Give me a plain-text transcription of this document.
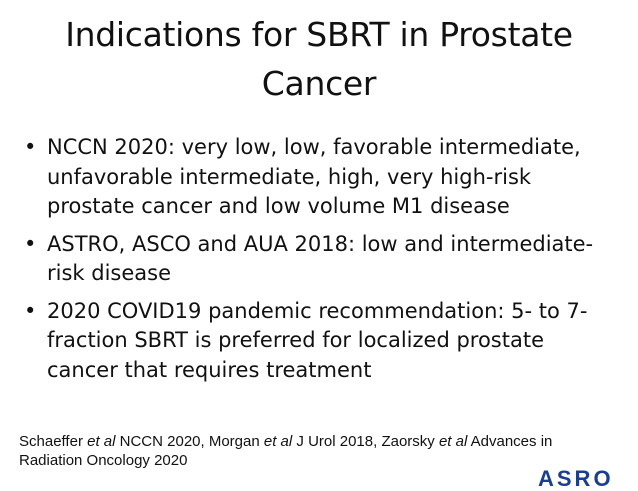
Indications for SBRT in Prostate
Cancer
• NCCN 2020: very low, low, favorable intermediate,
unfavorable intermediate, high, very high-risk
prostate cancer and low volume M1 disease
• ASTRO, ASCO and AUA 2018: low and intermediate-
risk disease
• 2020 COVID19 pandemic recommendation: 5- to 7-
fraction SBRT is preferred for localized prostate
cancer that requires treatment
Schaeffer et al NCCN 2020, Morgan et al J Urol 2018, Zaorsky et al Advances in
Radiation Oncology 2020
ASRO
